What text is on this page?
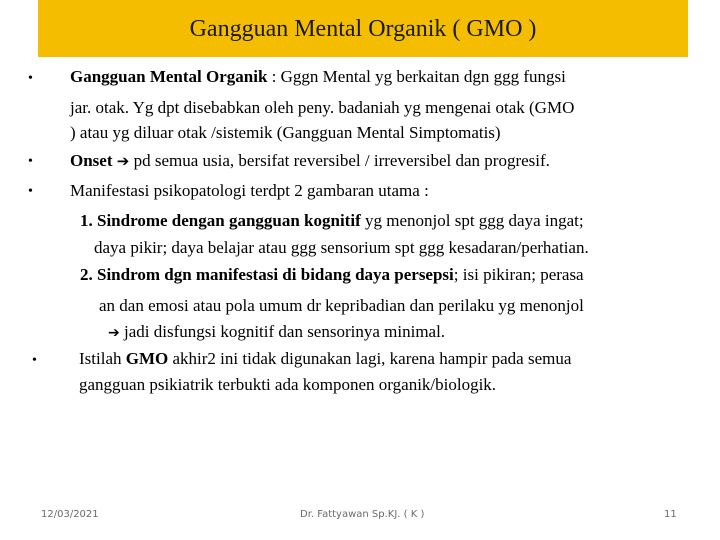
Gangguan Mental Organik ( GMO )
• Gangguan Mental Organik : Gggn Mental yg berkaitan dgn ggg fungsi
jar. otak. Yg dpt disebabkan oleh peny. badaniah yg mengenai otak (GMO
) atau yg diluar otak /sistemik (Gangguan Mental Simptomatis)
• Onset ➔ pd semua usia, bersifat reversibel / irreversibel dan progresif.
• Manifestasi psikopatologi terdpt 2 gambaran utama :
1. Sindrome dengan gangguan kognitif yg menonjol spt ggg daya ingat;
daya pikir; daya belajar atau ggg sensorium spt ggg kesadaran/perhatian.
2. Sindrom dgn manifestasi di bidang daya persepsi; isi pikiran; perasa
an dan emosi atau pola umum dr kepribadian dan perilaku yg menonjol
➔ jadi disfungsi kognitif dan sensorinya minimal.
• Istilah GMO akhir2 ini tidak digunakan lagi, karena hampir pada semua
gangguan psikiatrik terbukti ada komponen organik/biologik.
12/03/2021	Dr. Fattyawan Sp.KJ. ( K )	11
